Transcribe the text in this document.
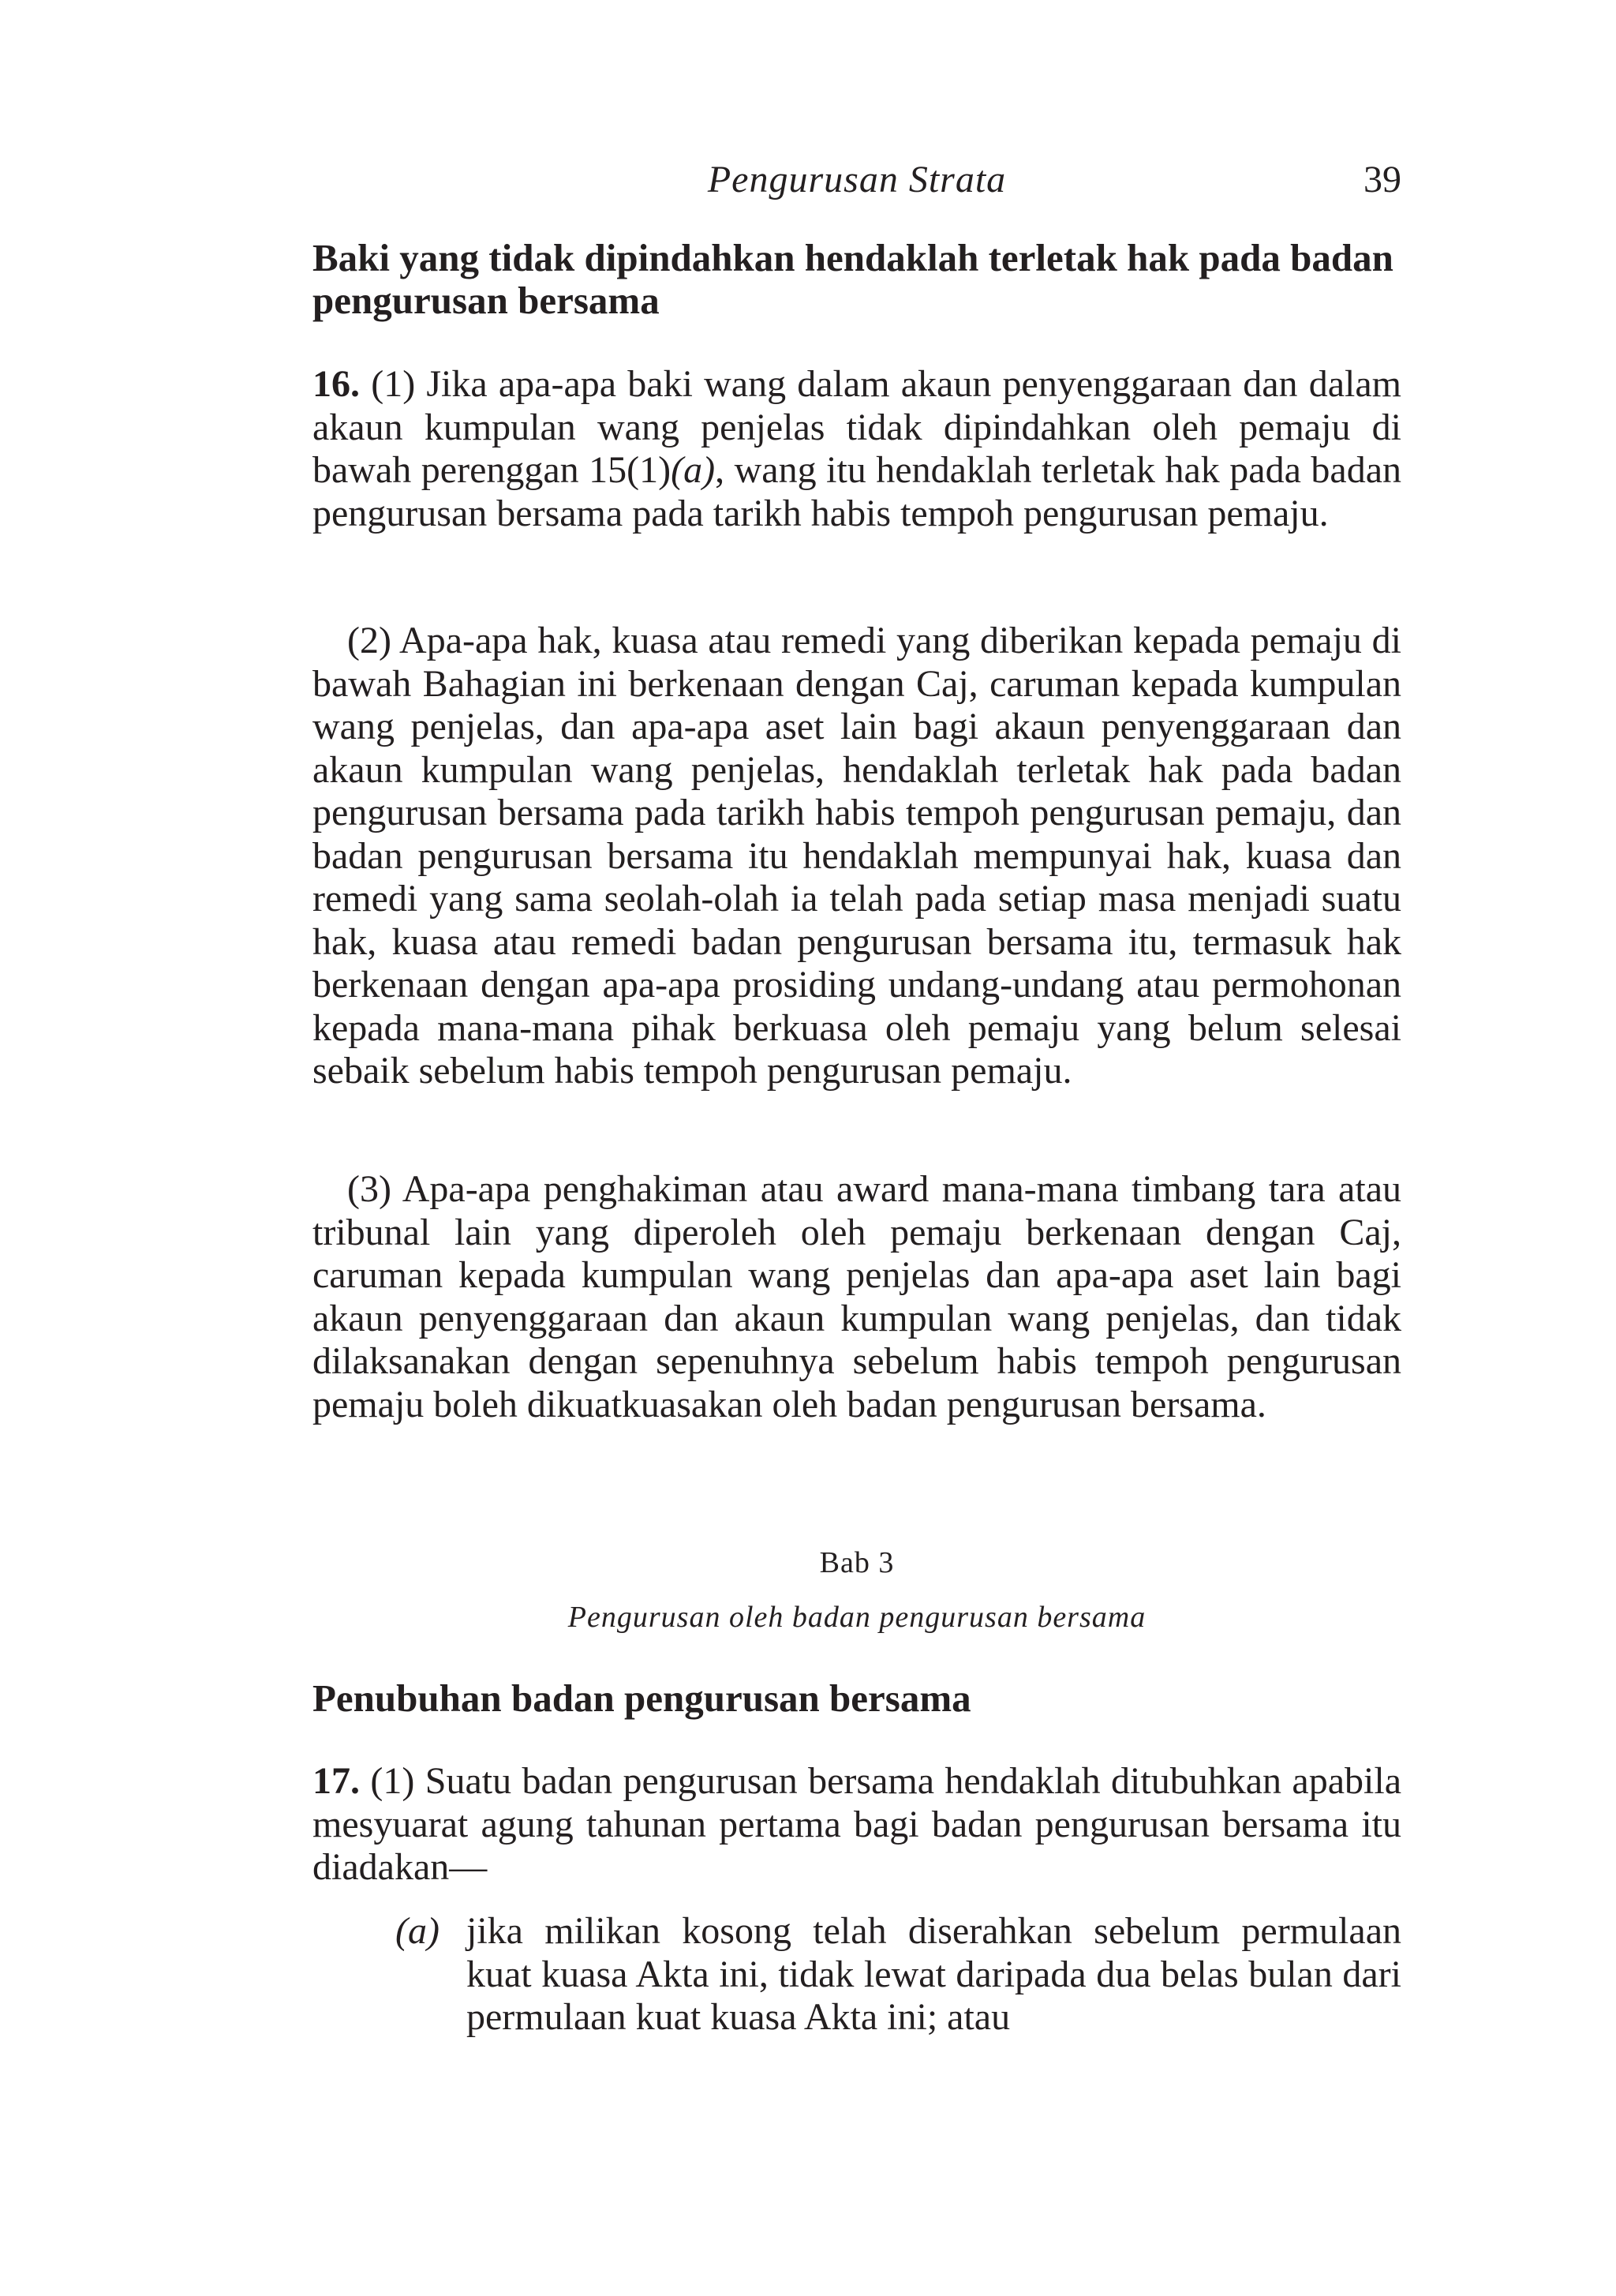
Pengurusan Strata	39
Baki yang tidak dipindahkan hendaklah terletak hak pada badan pengurusan bersama
16. (1) Jika apa-apa baki wang dalam akaun penyenggaraan dan dalam akaun kumpulan wang penjelas tidak dipindahkan oleh pemaju di bawah perenggan 15(1)(a), wang itu hendaklah terletak hak pada badan pengurusan bersama pada tarikh habis tempoh pengurusan pemaju.
(2) Apa-apa hak, kuasa atau remedi yang diberikan kepada pemaju di bawah Bahagian ini berkenaan dengan Caj, caruman kepada kumpulan wang penjelas, dan apa-apa aset lain bagi akaun penyenggaraan dan akaun kumpulan wang penjelas, hendaklah terletak hak pada badan pengurusan bersama pada tarikh habis tempoh pengurusan pemaju, dan badan pengurusan bersama itu hendaklah mempunyai hak, kuasa dan remedi yang sama seolah-olah ia telah pada setiap masa menjadi suatu hak, kuasa atau remedi badan pengurusan bersama itu, termasuk hak berkenaan dengan apa-apa prosiding undang-undang atau permohonan kepada mana-mana pihak berkuasa oleh pemaju yang belum selesai sebaik sebelum habis tempoh pengurusan pemaju.
(3) Apa-apa penghakiman atau award mana-mana timbang tara atau tribunal lain yang diperoleh oleh pemaju berkenaan dengan Caj, caruman kepada kumpulan wang penjelas dan apa-apa aset lain bagi akaun penyenggaraan dan akaun kumpulan wang penjelas, dan tidak dilaksanakan dengan sepenuhnya sebelum habis tempoh pengurusan pemaju boleh dikuatkuasakan oleh badan pengurusan bersama.
Bab 3
Pengurusan oleh badan pengurusan bersama
Penubuhan badan pengurusan bersama
17. (1) Suatu badan pengurusan bersama hendaklah ditubuhkan apabila mesyuarat agung tahunan pertama bagi badan pengurusan bersama itu diadakan—
(a) jika milikan kosong telah diserahkan sebelum permulaan kuat kuasa Akta ini, tidak lewat daripada dua belas bulan dari permulaan kuat kuasa Akta ini; atau
